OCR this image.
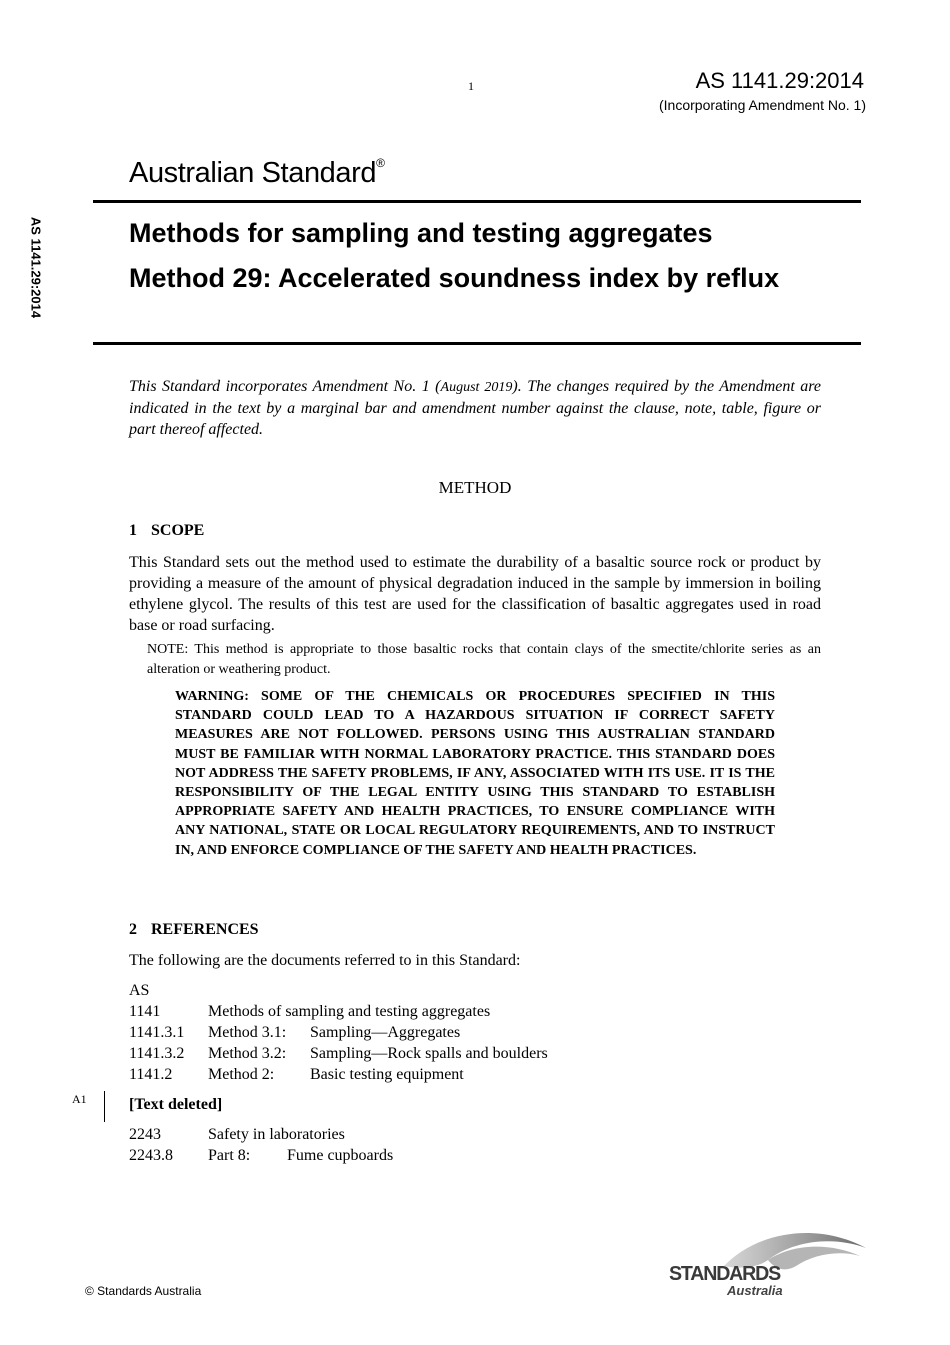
1	AS 1141.29:2014
(Incorporating Amendment No. 1)
Australian Standard®
AS 1141.29:2014	Methods for sampling and testing aggregates
Method 29: Accelerated soundness index by reflux
This Standard incorporates Amendment No. 1 (August 2019). The changes required by the Amendment are indicated in the text by a marginal bar and amendment number against the clause, note, table, figure or part thereof affected.
METHOD
1 SCOPE
This Standard sets out the method used to estimate the durability of a basaltic source rock or product by providing a measure of the amount of physical degradation induced in the sample by immersion in boiling ethylene glycol. The results of this test are used for the classification of basaltic aggregates used in road base or road surfacing.
NOTE: This method is appropriate to those basaltic rocks that contain clays of the smectite/chlorite series as an alteration or weathering product.
WARNING: SOME OF THE CHEMICALS OR PROCEDURES SPECIFIED IN THIS STANDARD COULD LEAD TO A HAZARDOUS SITUATION IF CORRECT SAFETY MEASURES ARE NOT FOLLOWED. PERSONS USING THIS AUSTRALIAN STANDARD MUST BE FAMILIAR WITH NORMAL LABORATORY PRACTICE. THIS STANDARD DOES NOT ADDRESS THE SAFETY PROBLEMS, IF ANY, ASSOCIATED WITH ITS USE. IT IS THE RESPONSIBILITY OF THE LEGAL ENTITY USING THIS STANDARD TO ESTABLISH APPROPRIATE SAFETY AND HEALTH PRACTICES, TO ENSURE COMPLIANCE WITH ANY NATIONAL, STATE OR LOCAL REGULATORY REQUIREMENTS, AND TO INSTRUCT IN, AND ENFORCE COMPLIANCE OF THE SAFETY AND HEALTH PRACTICES.
2 REFERENCES
The following are the documents referred to in this Standard:
AS
1141	Methods of sampling and testing aggregates
1141.3.1 Method 3.1: Sampling—Aggregates
1141.3.2 Method 3.2: Sampling—Rock spalls and boulders
1141.2 Method 2: Basic testing equipment
A1	[Text deleted]
2243	Safety in laboratories
2243.8 Part 8: Fume cupboards
© Standards Australia
STANDARDS
Australia
